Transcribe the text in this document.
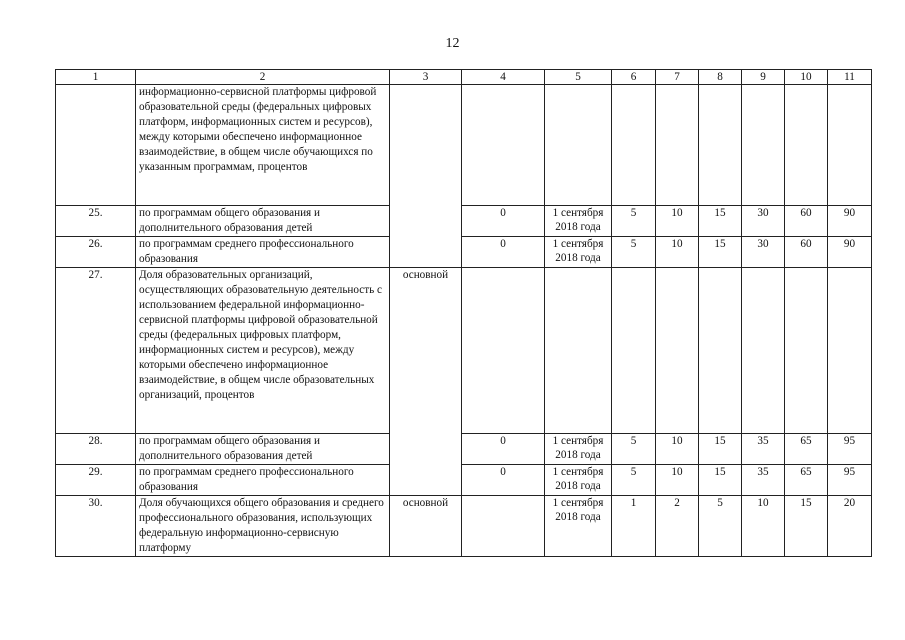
12
1	2	3	4	5	6	7	8	9	10	11
	информационно-сервисной платформы цифровой образовательной среды (федеральных цифровых платформ, информационных систем и ресурсов), между которыми обеспечено информационное взаимодействие, в общем числе обучающихся по указанным программам, процентов									
25.	по программам общего образования и дополнительного образования детей		0	1 сентября 2018 года	5	10	15	30	60	90
26.	по программам среднего профессионального образования		0	1 сентября 2018 года	5	10	15	30	60	90
27.	Доля образовательных организаций, осуществляющих образовательную деятельность с использованием федеральной информационно-сервисной платформы цифровой образовательной среды (федеральных цифровых платформ, информационных систем и ресурсов), между которыми обеспечено информационное взаимодействие, в общем числе образовательных организаций, процентов	основной								
28.	по программам общего образования и дополнительного образования детей		0	1 сентября 2018 года	5	10	15	35	65	95
29.	по программам среднего профессионального образования		0	1 сентября 2018 года	5	10	15	35	65	95
30.	Доля обучающихся общего образования и среднего профессионального образования, использующих федеральную информационно-сервисную платформу	основной		1 сентября 2018 года	1	2	5	10	15	20
